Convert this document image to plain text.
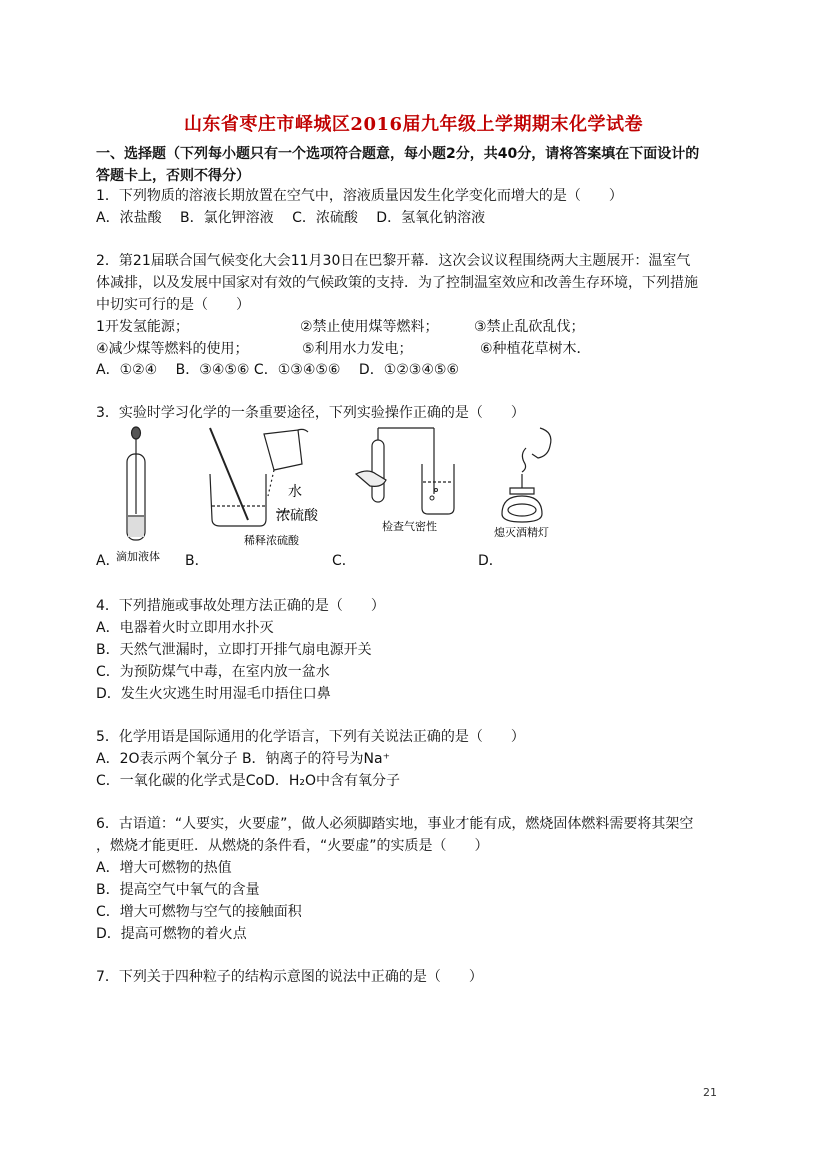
山东省枣庄市峄城区2016届九年级上学期期末化学试卷
一、选择题（下列每小题只有一个选项符合题意，每小题2分，共40分，请将答案填在下面设计的
答题卡上，否则不得分）
1．下列物质的溶液长期放置在空气中，溶液质量因发生化学变化而增大的是（　　）
A．浓盐酸　 B．氯化钾溶液　 C．浓硫酸　 D．氢氧化钠溶液
2．第21届联合国气候变化大会11月30日在巴黎开幕．这次会议议程围绕两大主题展开：温室气
体减排，以及发展中国家对有效的气候政策的支持．为了控制温室效应和改善生存环境，下列措施
中切实可行的是（　　）
1开发氢能源；	②禁止使用煤等燃料；	③禁止乱砍乱伐；
④减少煤等燃料的使用；	⑤利用水力发电；	⑥种植花草树木．
A．①②④　 B．③④⑤⑥ C．①③④⑤⑥　 D．①②③④⑤⑥
3．实验时学习化学的一条重要途径，下列实验操作正确的是（　　）
滴加液体
水
浓硫酸
稀释浓硫酸
检查气密性	熄灭酒精灯
A．	B．	C．	D．
4．下列措施或事故处理方法正确的是（　　）
A．电器着火时立即用水扑灭
B．天然气泄漏时，立即打开排气扇电源开关
C．为预防煤气中毒，在室内放一盆水
D．发生火灾逃生时用湿毛巾捂住口鼻
5．化学用语是国际通用的化学语言，下列有关说法正确的是（　　）
A．2O表示两个氧分子 B．钠离子的符号为Na⁺
C．一氧化碳的化学式是CoD．H₂O中含有氧分子
6．古语道：“人要实，火要虚”，做人必须脚踏实地，事业才能有成，燃烧固体燃料需要将其架空
，燃烧才能更旺．从燃烧的条件看，“火要虚”的实质是（　　）
A．增大可燃物的热值
B．提高空气中氧气的含量
C．增大可燃物与空气的接触面积
D．提高可燃物的着火点
7．下列关于四种粒子的结构示意图的说法中正确的是（　　）
21
